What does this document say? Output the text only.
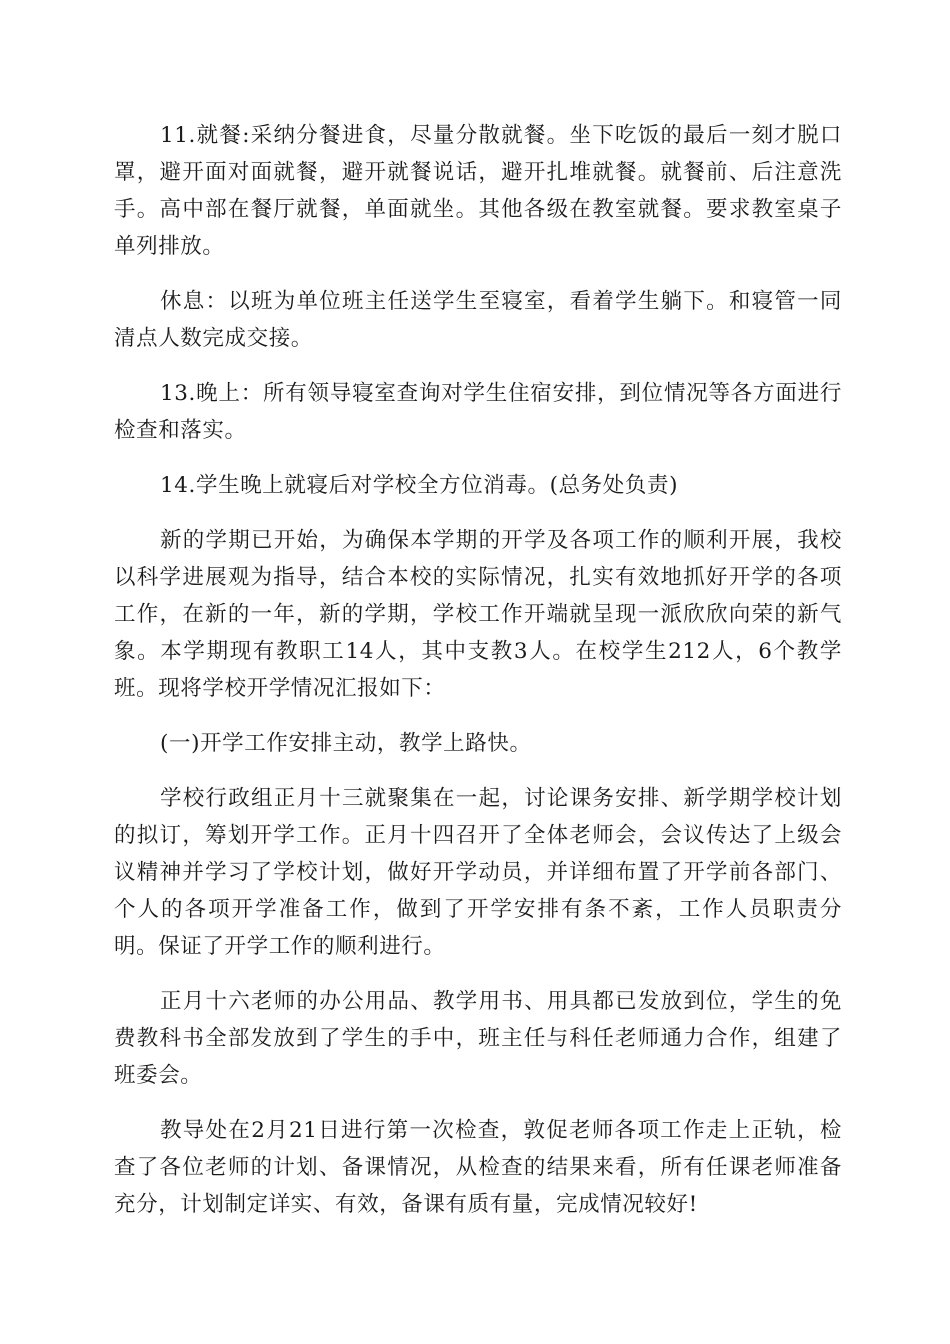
11.就餐:采纳分餐进食，尽量分散就餐。坐下吃饭的最后一刻才脱口罩，避开面对面就餐，避开就餐说话，避开扎堆就餐。就餐前、后注意洗手。高中部在餐厅就餐，单面就坐。其他各级在教室就餐。要求教室桌子单列排放。

休息：以班为单位班主任送学生至寝室，看着学生躺下。和寝管一同清点人数完成交接。

13.晚上：所有领导寝室查询对学生住宿安排，到位情况等各方面进行检查和落实。

14.学生晚上就寝后对学校全方位消毒。(总务处负责)

新的学期已开始，为确保本学期的开学及各项工作的顺利开展，我校以科学进展观为指导，结合本校的实际情况，扎实有效地抓好开学的各项工作，在新的一年，新的学期，学校工作开端就呈现一派欣欣向荣的新气象。本学期现有教职工14人，其中支教3人。在校学生212人，6个教学班。现将学校开学情况汇报如下：

(一)开学工作安排主动，教学上路快。

学校行政组正月十三就聚集在一起，讨论课务安排、新学期学校计划的拟订，筹划开学工作。正月十四召开了全体老师会，会议传达了上级会议精神并学习了学校计划，做好开学动员，并详细布置了开学前各部门、个人的各项开学准备工作，做到了开学安排有条不紊，工作人员职责分明。保证了开学工作的顺利进行。

正月十六老师的办公用品、教学用书、用具都已发放到位，学生的免费教科书全部发放到了学生的手中，班主任与科任老师通力合作，组建了班委会。

教导处在2月21日进行第一次检查，敦促老师各项工作走上正轨，检查了各位老师的计划、备课情况，从检查的结果来看，所有任课老师准备充分，计划制定详实、有效，备课有质有量，完成情况较好!
